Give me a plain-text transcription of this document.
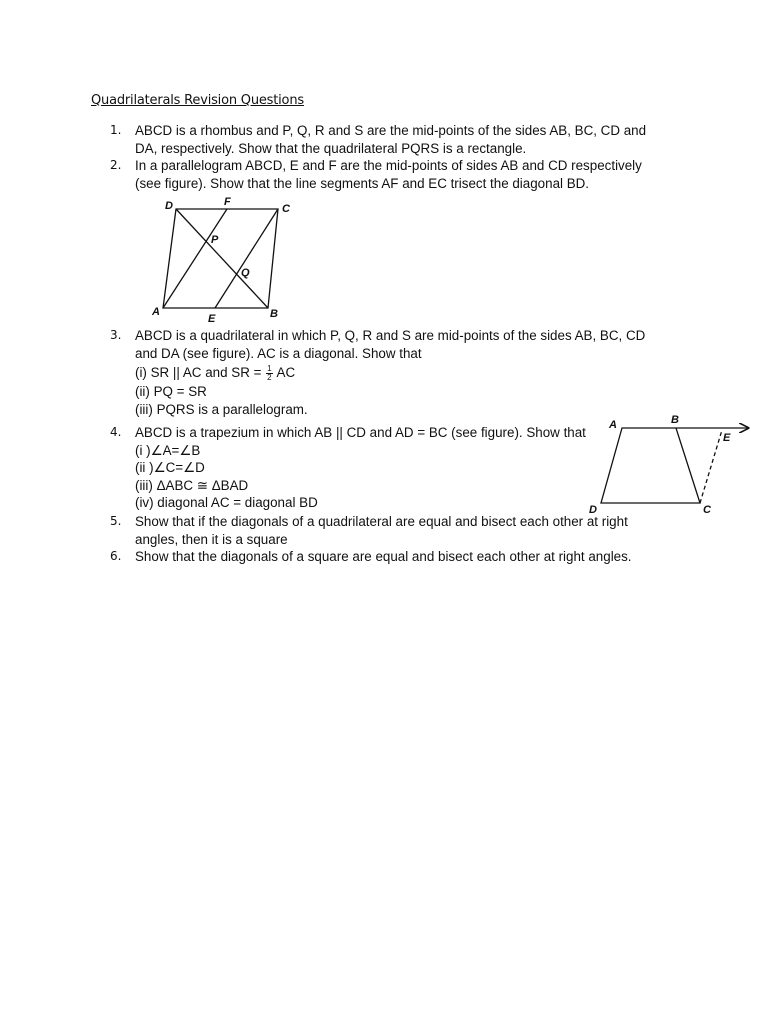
Quadrilaterals Revision Questions
1. ABCD is a rhombus and P, Q, R and S are the mid-points of the sides AB, BC, CD and
DA, respectively. Show that the quadrilateral PQRS is a rectangle.
2. In a parallelogram ABCD, E and F are the mid-points of sides AB and CD respectively
(see figure). Show that the line segments AF and EC trisect the diagonal BD.
D	F
C
P
Q
A
E	B
3. ABCD is a quadrilateral in which P, Q, R and S are mid-points of the sides AB, BC, CD
and DA (see figure). AC is a diagonal. Show that
(i) SR || AC and SR = $\frac{1}{2}$ AC
(ii) PQ = SR
(iii) PQRS is a parallelogram.
4. ABCD is a trapezium in which AB || CD and AD = BC (see figure). Show that
(i )∠A=∠B
(ii )∠C=∠D
(iii) ΔABC ≅ ΔBAD
(iv) diagonal AC = diagonal BD
A	B
E
D	C
5. Show that if the diagonals of a quadrilateral are equal and bisect each other at right
angles, then it is a square
6. Show that the diagonals of a square are equal and bisect each other at right angles.
